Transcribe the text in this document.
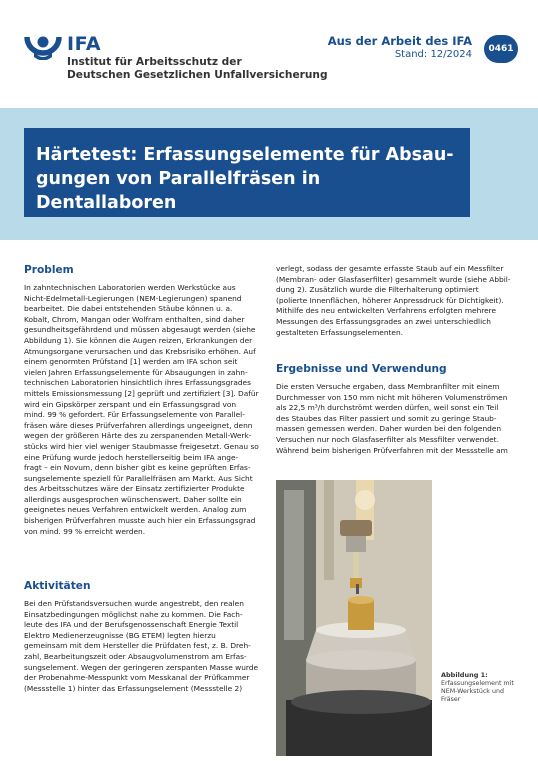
IFA
Institut für Arbeitsschutz der
Deutschen Gesetzlichen Unfallversicherung
Aus der Arbeit des IFA
Stand: 12/2024	0461
Härtetest: Erfassungselemente für Absau-
gungen von Parallelfräsen in Dentallaboren
Problem
In zahntechnischen Laboratorien werden Werkstücke aus
Nicht-Edelmetall-Legierungen (NEM-Legierungen) spanend
bearbeitet. Die dabei entstehenden Stäube können u. a.
Kobalt, Chrom, Mangan oder Wolfram enthalten, sind daher
gesundheitsgefährdend und müssen abgesaugt werden (siehe
Abbildung 1). Sie können die Augen reizen, Erkrankungen der
Atmungsorgane verursachen und das Krebsrisiko erhöhen. Auf
einem genormten Prüfstand [1] werden am IFA schon seit
vielen Jahren Erfassungselemente für Absaugungen in zahn-
technischen Laboratorien hinsichtlich ihres Erfassungsgrades
mittels Emissionsmessung [2] geprüft und zertifiziert [3]. Dafür
wird ein Gipskörper zerspant und ein Erfassungsgrad von
mind. 99 % gefordert. Für Erfassungselemente von Parallel-
fräsen wäre dieses Prüfverfahren allerdings ungeeignet, denn
wegen der größeren Härte des zu zerspanenden Metall-Werk-
stücks wird hier viel weniger Staubmasse freigesetzt. Genau so
eine Prüfung wurde jedoch herstellerseitig beim IFA ange-
fragt – ein Novum, denn bisher gibt es keine geprüften Erfas-
sungselemente speziell für Parallelfräsen am Markt. Aus Sicht
des Arbeitsschutzes wäre der Einsatz zertifizierter Produkte
allerdings ausgesprochen wünschenswert. Daher sollte ein
geeignetes neues Verfahren entwickelt werden. Analog zum
bisherigen Prüfverfahren musste auch hier ein Erfassungsgrad
von mind. 99 % erreicht werden.
Aktivitäten
Bei den Prüfstandsversuchen wurde angestrebt, den realen
Einsatzbedingungen möglichst nahe zu kommen. Die Fach-
leute des IFA und der Berufsgenossenschaft Energie Textil
Elektro Medienerzeugnisse (BG ETEM) legten hierzu
gemeinsam mit dem Hersteller die Prüfdaten fest, z. B. Dreh-
zahl, Bearbeitungszeit oder Absaugvolumenstrom am Erfas-
sungselement. Wegen der geringeren zerspanten Masse wurde
der Probenahme-Messpunkt vom Messkanal der Prüfkammer
(Messstelle 1) hinter das Erfassungselement (Messstelle 2)
verlegt, sodass der gesamte erfasste Staub auf ein Messfilter
(Membran- oder Glasfaserfilter) gesammelt wurde (siehe Abbil-
dung 2). Zusätzlich wurde die Filterhalterung optimiert
(polierte Innenflächen, höherer Anpressdruck für Dichtigkeit).
Mithilfe des neu entwickelten Verfahrens erfolgten mehrere
Messungen des Erfassungsgrades an zwei unterschiedlich
gestalteten Erfassungselementen.
Ergebnisse und Verwendung
Die ersten Versuche ergaben, dass Membranfilter mit einem
Durchmesser von 150 mm nicht mit höheren Volumenströmen
als 22,5 m³/h durchströmt werden dürfen, weil sonst ein Teil
des Staubes das Filter passiert und somit zu geringe Staub-
massen gemessen werden. Daher wurden bei den folgenden
Versuchen nur noch Glasfaserfilter als Messfilter verwendet.
Während beim bisherigen Prüfverfahren mit der Messstelle am
Abbildung 1:
Erfassungselement mit
NEM-Werkstück und
Fräser
